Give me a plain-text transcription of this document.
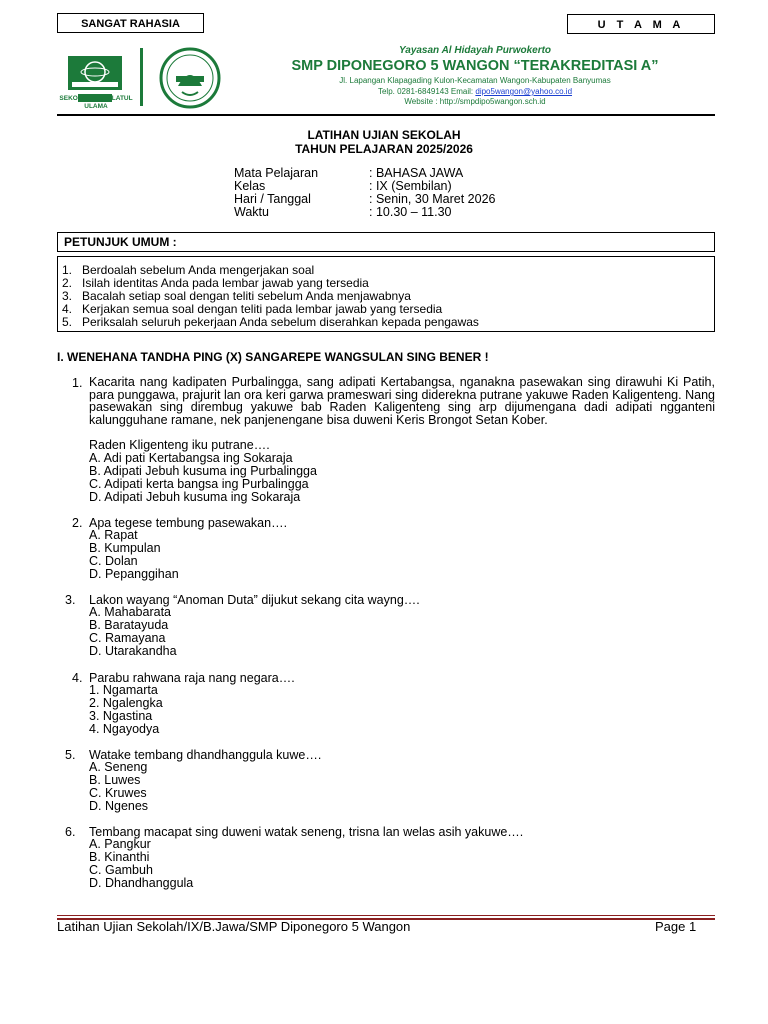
SANGAT RAHASIA	U T A M A
SEKOLAH NAHDLATUL ULAMA
Yayasan Al Hidayah Purwokerto
SMP DIPONEGORO 5 WANGON “TERAKREDITASI A”
Jl. Lapangan Klapagading Kulon-Kecamatan Wangon-Kabupaten Banyumas
Telp. 0281-6849143 Email: dipo5wangon@yahoo.co.id
Website : http://smpdipo5wangon.sch.id
LATIHAN UJIAN SEKOLAH
TAHUN PELAJARAN 2025/2026
Mata Pelajaran	: BAHASA JAWA
Kelas	: IX (Sembilan)
Hari / Tanggal	: Senin, 30 Maret 2026
Waktu	: 10.30 – 11.30
PETUNJUK UMUM :
1. Berdoalah sebelum Anda mengerjakan soal
2. Isilah identitas Anda pada lembar jawab yang tersedia
3. Bacalah setiap soal dengan teliti sebelum Anda menjawabnya
4. Kerjakan semua soal dengan teliti pada lembar jawab yang tersedia
5. Periksalah seluruh pekerjaan Anda sebelum diserahkan kepada pengawas
I. WENEHANA TANDHA PING (X) SANGAREPE WANGSULAN SING BENER !
1. Kacarita nang kadipaten Purbalingga, sang adipati Kertabangsa, nganakna pasewakan sing dirawuhi Ki Patih, para punggawa, prajurit lan ora keri garwa prameswari sing diderekna putrane yakuwe Raden Kaligenteng. Nang pasewakan sing dirembug yakuwe bab Raden Kaligenteng sing arp dijumengana dadi adipati ngganteni kalungguhane ramane, nek panjenengane bisa duweni Keris Brongot Setan Kober.
Raden Kligenteng iku putrane….
A. Adi pati Kertabangsa ing Sokaraja
B. Adipati Jebuh kusuma ing Purbalingga
C. Adipati kerta bangsa ing Purbalingga
D. Adipati Jebuh kusuma ing Sokaraja
2. Apa tegese tembung pasewakan….
A. Rapat
B. Kumpulan
C. Dolan
D. Pepanggihan
3. Lakon wayang “Anoman Duta” dijukut sekang cita wayng….
A. Mahabarata
B. Baratayuda
C. Ramayana
D. Utarakandha
4. Parabu rahwana raja nang negara….
1. Ngamarta
2. Ngalengka
3. Ngastina
4. Ngayodya
5. Watake tembang dhandhanggula kuwe….
A. Seneng
B. Luwes
C. Kruwes
D. Ngenes
6. Tembang macapat sing duweni watak seneng, trisna lan welas asih yakuwe….
A. Pangkur
B. Kinanthi
C. Gambuh
D. Dhandhanggula
Latihan Ujian Sekolah/IX/B.Jawa/SMP Diponegoro 5 Wangon	Page 1
